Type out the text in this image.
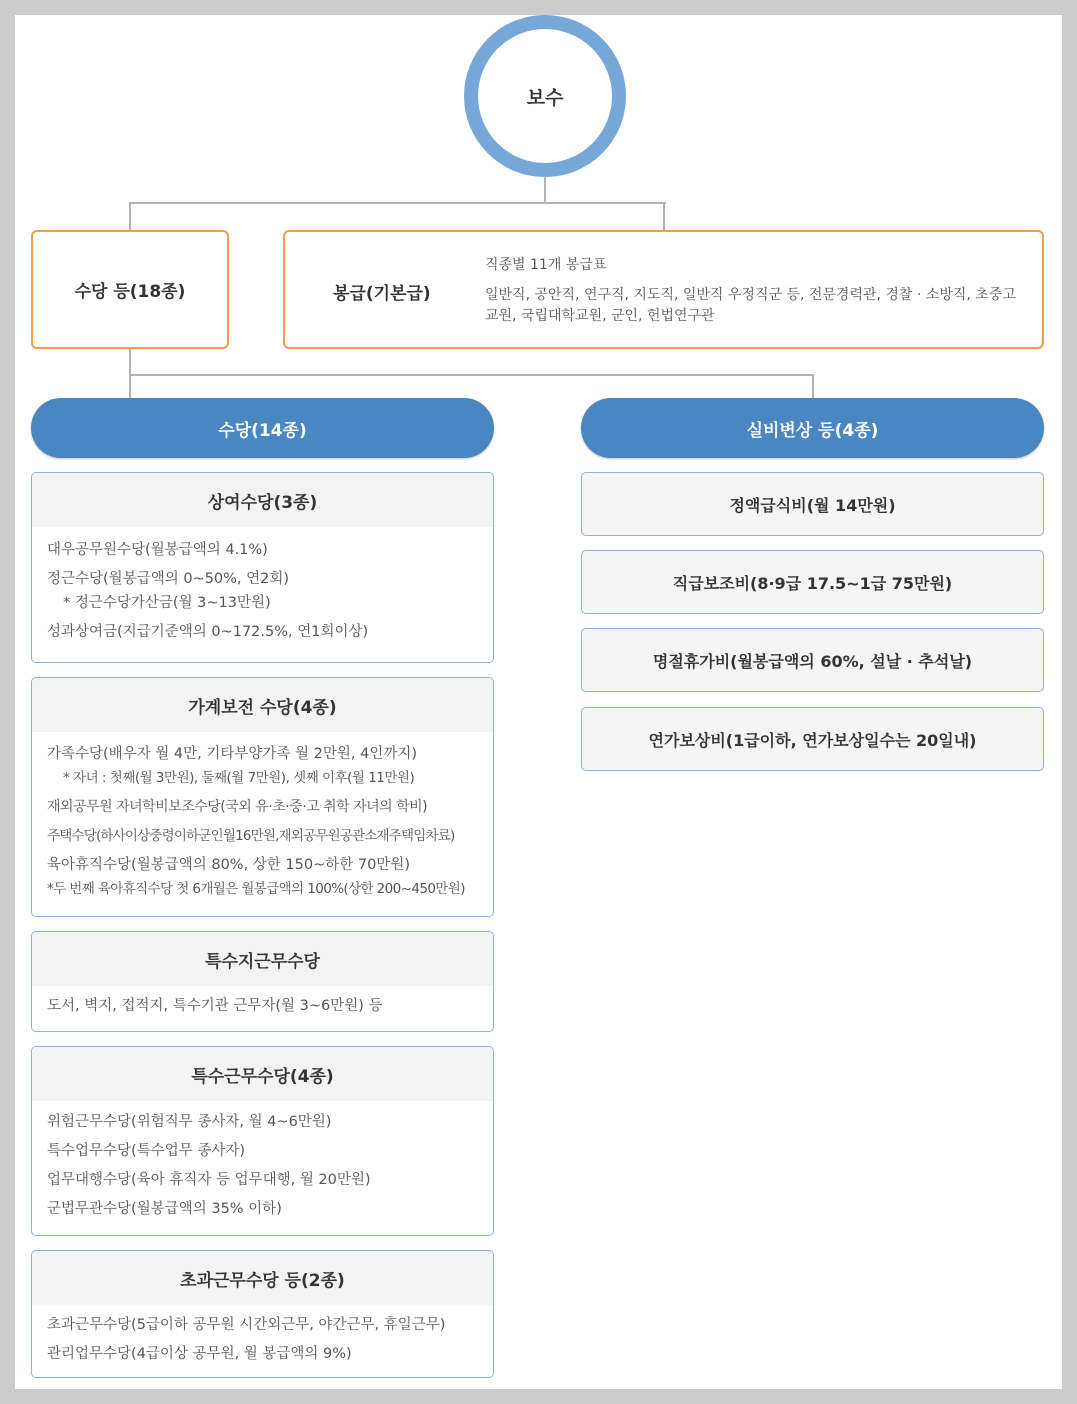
보수
수당 등(18종)	봉급(기본급)
직종별 11개 봉급표
일반직, 공안직, 연구직, 지도직, 일반직 우정직군 등, 전문경력관, 경찰 · 소방직, 초중고교원, 국립대학교원, 군인, 헌법연구관
수당(14종)	실비변상 등(4종)
상여수당(3종)
대우공무원수당(월봉급액의 4.1%)
정근수당(월봉급액의 0~50%, 연2회)
* 정근수당가산금(월 3~13만원)
성과상여금(지급기준액의 0~172.5%, 연1회이상)
가계보전 수당(4종)
가족수당(배우자 월 4만, 기타부양가족 월 2만원, 4인까지)
* 자녀 : 첫째(월 3만원), 둘째(월 7만원), 셋째 이후(월 11만원)
재외공무원 자녀학비보조수당(국외 유·초·중·고 취학 자녀의 학비)
주택수당(하사이상중령이하군인월16만원,재외공무원공관소재주택임차료)
육아휴직수당(월봉급액의 80%, 상한 150~하한 70만원)
*두 번째 육아휴직수당 첫 6개월은 월봉급액의 100%(상한 200~450만원)
특수지근무수당
도서, 벽지, 접적지, 특수기관 근무자(월 3~6만원) 등
특수근무수당(4종)
위험근무수당(위험직무 종사자, 월 4~6만원)
특수업무수당(특수업무 종사자)
업무대행수당(육아 휴직자 등 업무대행, 월 20만원)
군법무관수당(월봉급액의 35% 이하)
초과근무수당 등(2종)
초과근무수당(5급이하 공무원 시간외근무, 야간근무, 휴일근무)
관리업무수당(4급이상 공무원, 월 봉급액의 9%)
정액급식비(월 14만원)
직급보조비(8·9급 17.5~1급 75만원)
명절휴가비(월봉급액의 60%, 설날 · 추석날)
연가보상비(1급이하, 연가보상일수는 20일내)
